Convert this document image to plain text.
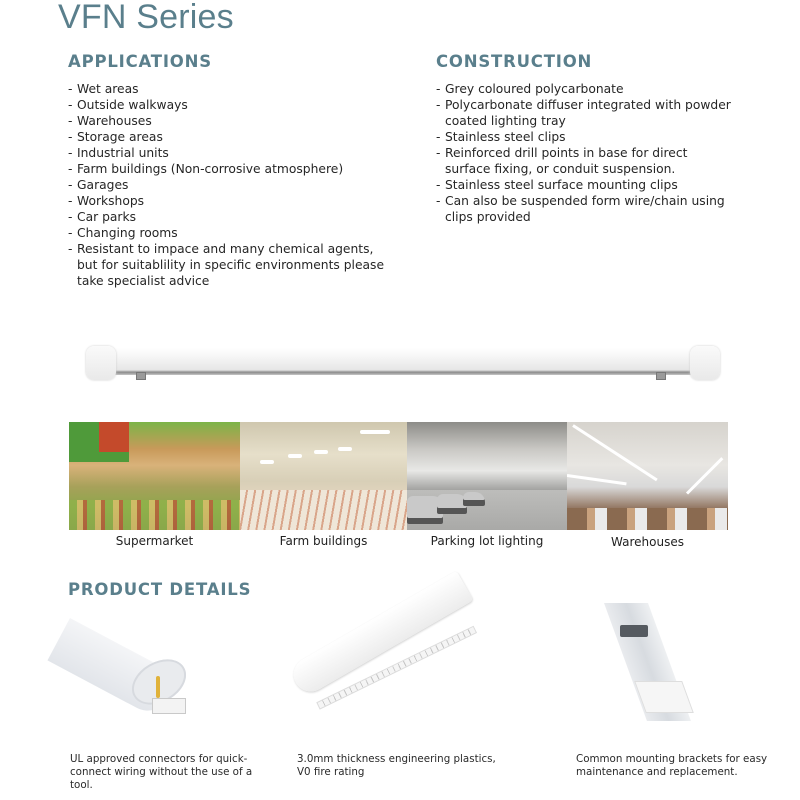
VFN Series
APPLICATIONS
- Wet areas
- Outside walkways
- Warehouses
- Storage areas
- Industrial units
- Farm buildings (Non-corrosive atmosphere)
- Garages
- Workshops
- Car parks
- Changing rooms
- Resistant to impace and many chemical agents, but for suitablility in specific environments please take specialist advice
CONSTRUCTION
- Grey coloured polycarbonate
- Polycarbonate diffuser integrated with powder coated lighting tray
- Stainless steel clips
- Reinforced drill points in base for direct surface fixing, or conduit suspension.
- Stainless steel surface mounting clips
- Can also be suspended form wire/chain using clips provided
Supermarket	Farm buildings	Parking lot lighting	Warehouses
PRODUCT DETAILS
UL approved connectors for quick-connect wiring without the use of a tool.
3.0mm thickness engineering plastics, V0 fire rating
Common mounting brackets for easy maintenance and replacement.
